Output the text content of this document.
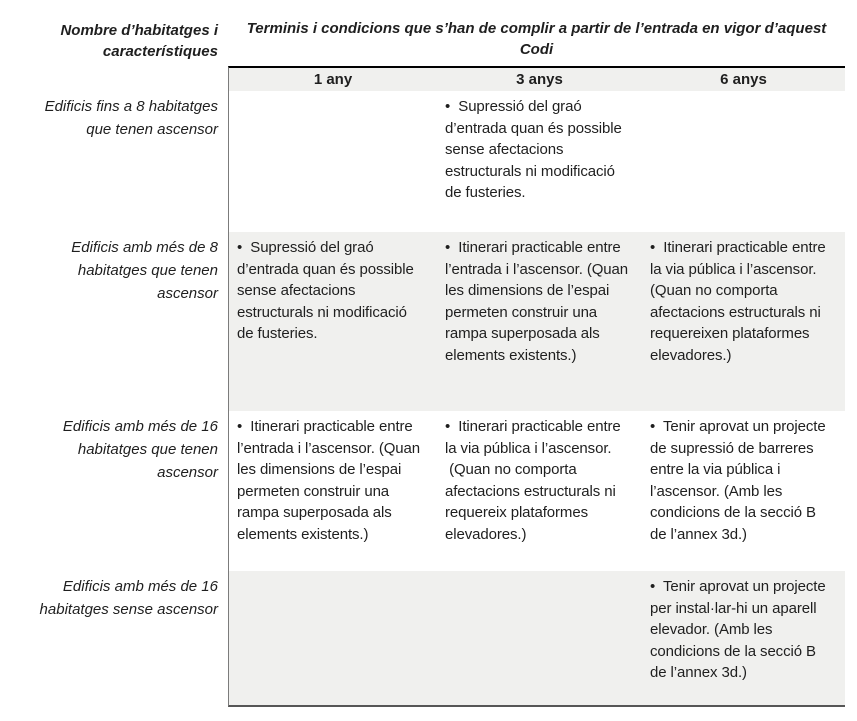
Nombre d’habitatges i característiques
Terminis i condicions que s’han de complir a partir de l’entrada en vigor d’aquest Codi
1 any	3 anys	6 anys
Edificis fins a 8 habitatges que tenen ascensor
•  Supressió del graó d’entrada quan és possible sense afectacions estructurals ni modificació de fusteries.
Edificis amb més de 8 habitatges que tenen ascensor
•  Supressió del graó d’entrada quan és possible sense afectacions estructurals ni modificació de fusteries.
•  Itinerari practicable entre l’entrada i l’ascensor. (Quan les dimensions de l’espai permeten construir una rampa superposada als elements existents.)
•  Itinerari practicable entre la via pública i l’ascensor. (Quan no comporta afectacions estructurals ni requereixen plataformes elevadores.)
Edificis amb més de 16 habitatges que tenen ascensor
•  Itinerari practicable entre l’entrada i l’ascensor. (Quan les dimensions de l’espai permeten construir una rampa superposada als elements existents.)
•  Itinerari practicable entre la via pública i l’ascensor.  (Quan no comporta afectacions estructurals ni requereix plataformes elevadores.)
•  Tenir aprovat un projecte de supressió de barreres entre la via pública i l’ascensor. (Amb les condicions de la secció B de l’annex 3d.)
Edificis amb més de 16 habitatges sense ascensor
•  Tenir aprovat un projecte per instal·lar-hi un aparell elevador. (Amb les condicions de la secció B de l’annex 3d.)
